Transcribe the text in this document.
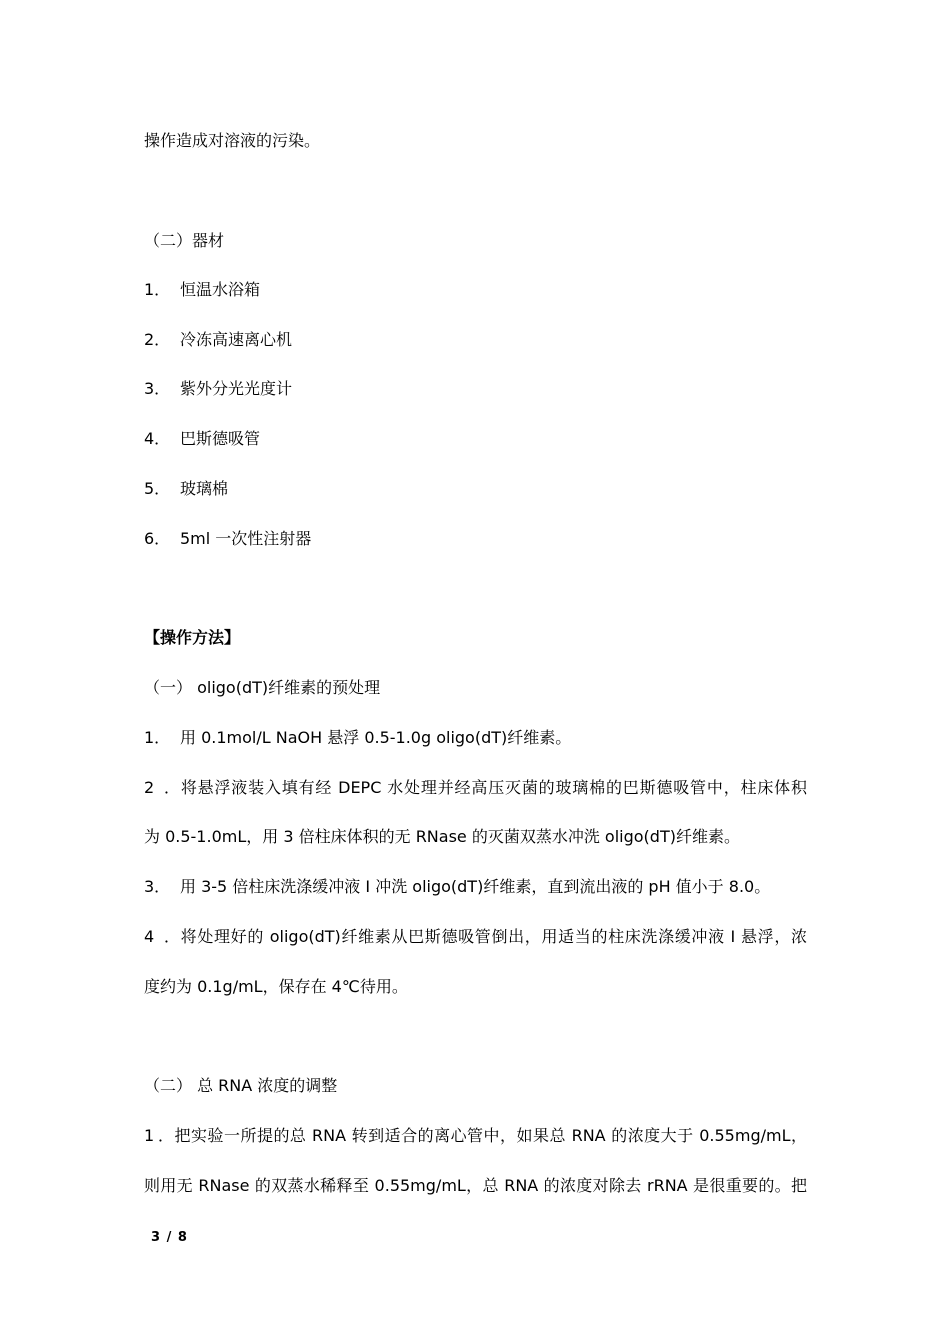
操作造成对溶液的污染。
（二）器材
1． 恒温水浴箱
2． 冷冻高速离心机
3． 紫外分光光度计
4． 巴斯德吸管
5． 玻璃棉
6． 5ml 一次性注射器
【操作方法】
（一） oligo(dT)纤维素的预处理
1． 用 0.1mol/L NaOH 悬浮 0.5-1.0g oligo(dT)纤维素。
2．将悬浮液装入填有经 DEPC 水处理并经高压灭菌的玻璃棉的巴斯德吸管中，柱床体积
为 0.5-1.0mL，用 3 倍柱床体积的无 RNase 的灭菌双蒸水冲洗 oligo(dT)纤维素。
3． 用 3-5 倍柱床洗涤缓冲液 I 冲洗 oligo(dT)纤维素，直到流出液的 pH 值小于 8.0。
4．将处理好的 oligo(dT)纤维素从巴斯德吸管倒出，用适当的柱床洗涤缓冲液 I 悬浮，浓
度约为 0.1g/mL，保存在 4℃待用。
（二） 总 RNA 浓度的调整
1．把实验一所提的总 RNA 转到适合的离心管中，如果总 RNA 的浓度大于 0.55mg/mL，
则用无 RNase 的双蒸水稀释至 0.55mg/mL，总 RNA 的浓度对除去 rRNA 是很重要的。把
3 / 8
